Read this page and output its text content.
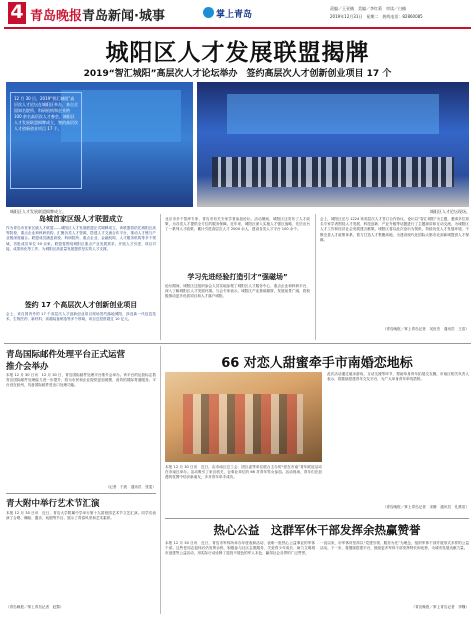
4 青岛晚报 青岛新闻·城事	掌上青岛
责编／王亚楠　美编／李红莉　审读／白楠
2019年12月31日　星期二　热线电话：82860085
城阳区人才发展联盟揭牌
2019“智汇城阳”高层次人才论坛举办　签约高层次人才创新创业项目 17 个
12 月 30 日，2019“智汇城阳”高层次人才论坛在城阳区举办，来自全国知名院所、科研机构和企业的 100 余名高层次人才参会。城阳区人才发展联盟揭牌成立，签约高层次人才创新创业项目 17 个。
城阳区人才发展联盟揭牌成立。	城阳区人才论坛现场。
岛城首家区级人才联盟成立
作为青岛市首家区级人才联盟——城阳区人才发展联盟正式揭牌成立。该联盟将依托城阳区高等院校、重点企业和科研机构，汇聚各类人才资源，搭建人才交流合作平台，推动人才链与产业链深度融合。联盟成员涵盖高校、科研院所、重点企业、金融机构、人才服务机构等多个领域，首批成员单位 50 余家。联盟将围绕城阳区重点产业发展需求，开展人才引进、项目对接、成果转化等工作，为城阳区高质量发展提供坚实的人才支撑。
签约 17 个高层次人才创新创业项目
会上，来自国内外的 17 个高层次人才创新创业项目现场签约落地城阳，涉及新一代信息技术、生物医药、新材料、高端装备制造等多个领域，项目总投资超过 10 亿元。
北京市多个智库专家、青岛市有关专家学者参加论坛。活动期间，城阳区还发布了人才政策，为各类人才提供全方位的服务保障。近年来，城阳区深入实施人才强区战略，先后出台了一系列人才政策，累计引进高层次人才 2000 余人，建设各类人才平台 100 余个。
学习先进经验打造引才“强磁场”
论坛期间，城阳区还组织参会人员实地参观了城阳区人才服务中心、重点企业和科研平台，深入了解城阳区人才发展环境。与会专家表示，城阳区产业基础雄厚，发展前景广阔，将积极推动更多优质项目和人才落户城阳。
会上，城阳区还与 1224 家高层次人才签订合作协议。论坛以“智汇城阳”为主题，邀请多位知名专家学者围绕人才发展、科技创新、产业升级等话题进行了主题演讲和互动交流，为城阳区人才工作和经济社会发展建言献策。城阳区将以此次论坛为契机，持续优化人才发展环境，不断完善人才政策体系，着力打造人才集聚高地，为建设现代化国际大都市北部新城提供人才保障。
（青岛晚报／掌上青岛记者　吴世杰　通讯员　王浩）
青岛国际邮件处理平台正式运营
推介会举办
本报 12 月 30 日讯　12 月 30 日，青岛国际邮件处理平台推介会举办。该平台的运营标志着青岛国际邮件处理能力进一步提升，将为市民和企业提供更加便捷、高效的国际寄递服务。平台设在胶州，具备国际邮件进出口处理功能。
（记者　于波　通讯员　张雯）
青大附中举行艺术节汇演
本报 12 月 30 日讯　近日，青岛大学附属中学举行第十九届校园艺术节文艺汇演。同学们表演了合唱、舞蹈、器乐、戏剧等节目，展示了青春风采和艺术素养。
（青岛晚报／掌上青岛记者　赵黎）
66 对恋人甜蜜牵手市南婚恋地标
本报 12 月 30 日讯　近日，由市南区总工会、团区委等单位联合主办的“爱在市南”青年联谊活动在市南区举办。活动吸引了来自机关、企事业单位的 66 对青年男女参加。活动现场，青年们在浪漫的氛围中结识新朋友，多对青年牵手成功。
此次活动通过破冰游戏、互动交流等环节，帮助单身青年拓展交友圈。市南区相关负责人表示，将继续搭建青年交友平台，为广大单身青年牵线搭桥。
（青岛晚报／掌上青岛记者　宋姗　通讯员　孔维浩）
热心公益　这群军休干部发挥余热赢赞誉
本报 12 月 30 日讯　近日，青岛市军休所举办年度表彰活动，表彰一批热心公益事业的军休干部。这些老同志退休后仍发挥余热，积极参与社区志愿服务、关爱青少年成长、助力文明城市创建等公益活动，用实际行动诠释了退役不褪色的军人本色，赢得社会各界的广泛赞誉。
一直以来，市军休所坚持以“党建引领、服务为先”为理念，组织军休干部开展形式多样的公益活动。下一步，将继续搭建平台，鼓励更多军休干部发挥特长和优势，为城市发展贡献力量。
（青岛晚报／掌上青岛记者　李魏）
